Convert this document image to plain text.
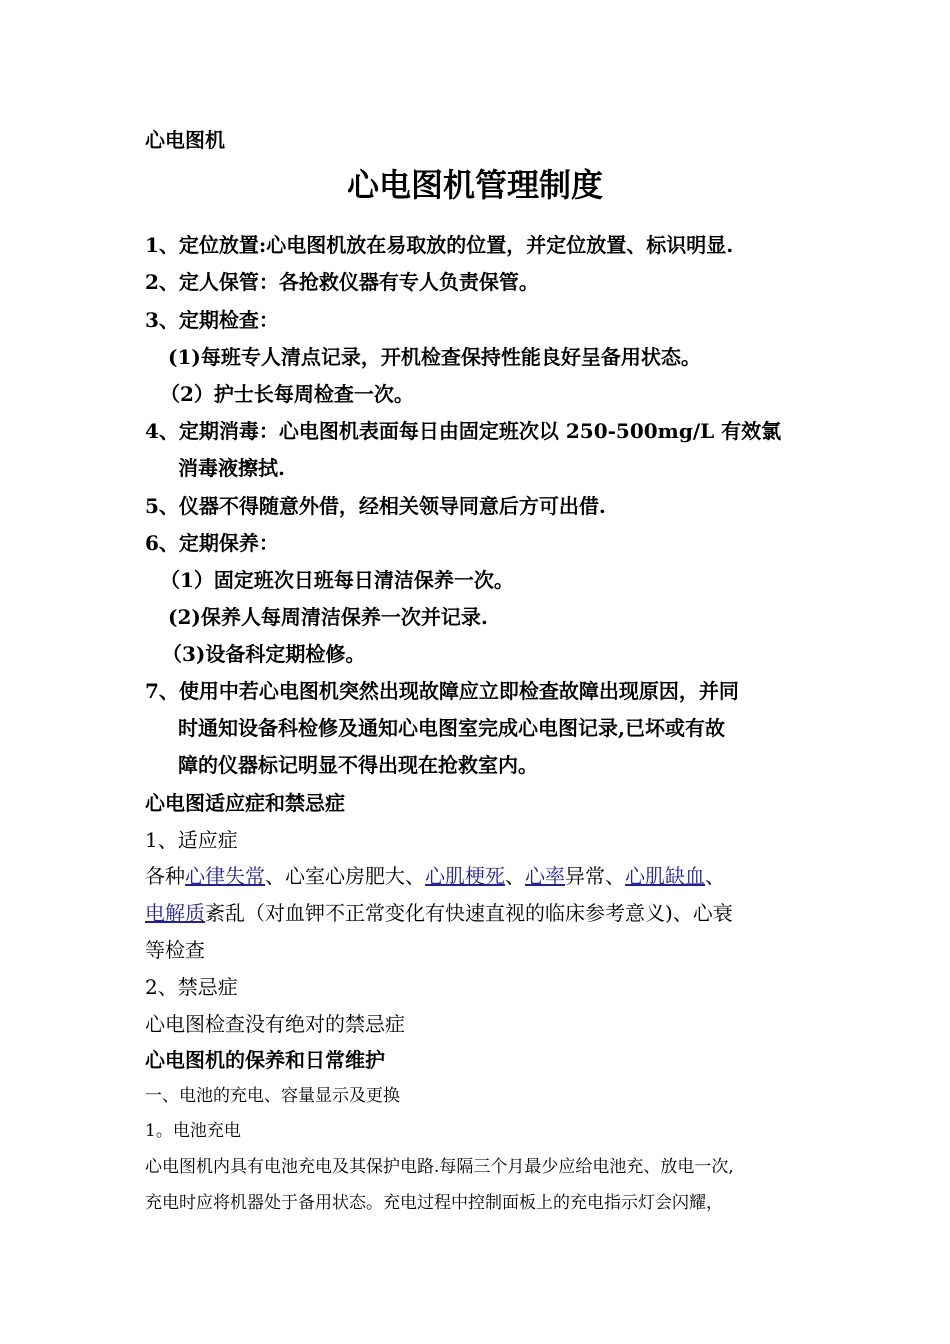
心电图机
心电图机管理制度
1、定位放置:心电图机放在易取放的位置，并定位放置、标识明显.
2、定人保管：各抢救仪器有专人负责保管。
3、定期检查：
(1)每班专人清点记录，开机检查保持性能良好呈备用状态。
（2）护士长每周检查一次。
4、定期消毒：心电图机表面每日由固定班次以 250-500mg/L 有效氯
消毒液擦拭.
5、仪器不得随意外借，经相关领导同意后方可出借.
6、定期保养：
（1）固定班次日班每日清洁保养一次。
(2)保养人每周清洁保养一次并记录.
（3)设备科定期检修。
7、使用中若心电图机突然出现故障应立即检查故障出现原因，并同
时通知设备科检修及通知心电图室完成心电图记录,已坏或有故
障的仪器标记明显不得出现在抢救室内。
心电图适应症和禁忌症
1、适应症
各种心律失常、心室心房肥大、心肌梗死、心率异常、心肌缺血、
电解质紊乱（对血钾不正常变化有快速直视的临床参考意义)、心衰
等检查
2、禁忌症
心电图检查没有绝对的禁忌症
心电图机的保养和日常维护
一、电池的充电、容量显示及更换
1。电池充电
心电图机内具有电池充电及其保护电路.每隔三个月最少应给电池充、放电一次,
充电时应将机器处于备用状态。充电过程中控制面板上的充电指示灯会闪耀，
